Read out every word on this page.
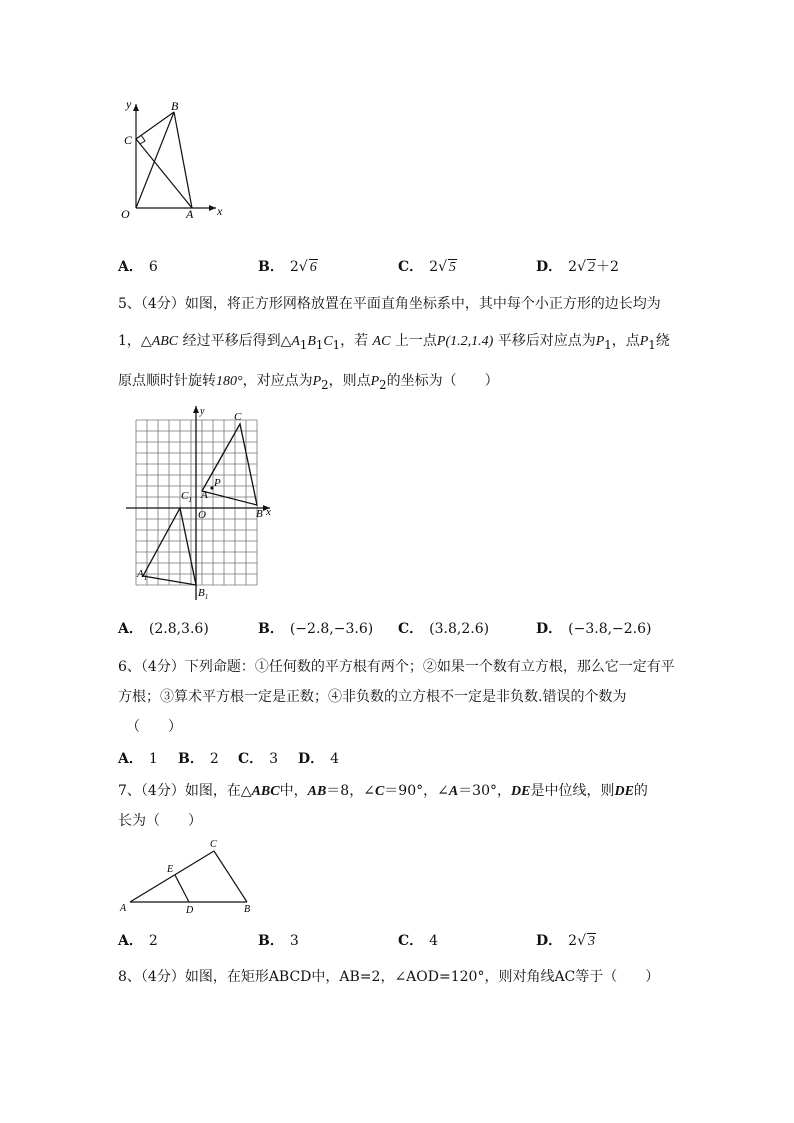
y
x
B
C
O	A
A． 6	B． 2√ 6	C． 2√ 5	D． 2√ 2＋2
5、（4分）如图，将正方形网格放置在平面直角坐标系中，其中每个小正方形的边长均为
1，△ABC 经过平移后得到$\triangle A_1B_1C_1$，若 AC 上一点P(1.2,1.4) 平移后对应点为$P_1$，点$P_1$绕
原点顺时针旋转180°，对应点为$P_2$，则点$P_2$的坐标为（　　）
y
x
C
$C_1$ A
P
O	B
$A_1$
$B_1$
A． (2.8,3.6)	B． (−2.8,−3.6) C． (3.8,2.6)	D． (−3.8,−2.6)
6、（4分）下列命题：①任何数的平方根有两个；②如果一个数有立方根，那么它一定有平
方根；③算术平方根一定是正数；④非负数的立方根不一定是非负数.错误的个数为
（　　）
A． 1 B． 2 C． 3 D． 4
7、（4分）如图，在△ABC中，AB＝8，∠C＝90°，∠A＝30°，DE是中位线，则DE的
长为（　　）
A	B
C
D
E
A． 2	B． 3	C． 4	D． 2√ 3
8、（4分）如图，在矩形ABCD中，AB=2，∠AOD=120°，则对角线AC等于（　　）
